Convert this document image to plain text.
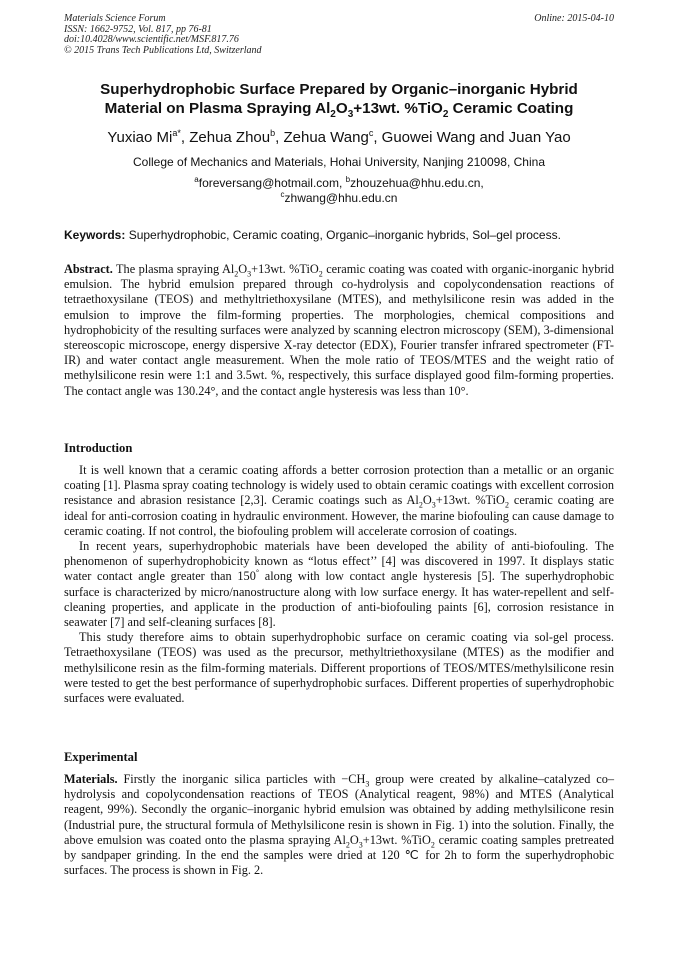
Materials Science Forum
ISSN: 1662-9752, Vol. 817, pp 76-81
doi:10.4028/www.scientific.net/MSF.817.76
© 2015 Trans Tech Publications Ltd, Switzerland
Online: 2015-04-10
Superhydrophobic Surface Prepared by Organic–inorganic Hybrid
Material on Plasma Spraying $Al_2O_3+13wt$. %TiO$_2$ Ceramic Coating
Yuxiao $Mi^{a*}$, Zehua Zhou$^b$, Zehua Wang$^c$, Guowei Wang and Juan Yao
College of Mechanics and Materials, Hohai University, Nanjing 210098, China
$^a$foreversang@hotmail.com, $^b$zhouzehua@hhu.edu.cn,
$^c$zhwang@hhu.edu.cn
Keywords: Superhydrophobic, Ceramic coating, Organic–inorganic hybrids, Sol–gel process.
Abstract. The plasma spraying $Al_2O_3+13wt$. %TiO$_2$ ceramic coating was coated with organic-inorganic hybrid emulsion. The hybrid emulsion prepared through co-hydrolysis and copolycondensation reactions of tetraethoxysilane (TEOS) and methyltriethoxysilane (MTES), and methylsilicone resin was added in the emulsion to improve the film-forming properties. The morphologies, chemical compositions and hydrophobicity of the resulting surfaces were analyzed by scanning electron microscopy (SEM), 3-dimensional stereoscopic microscope, energy dispersive X-ray detector (EDX), Fourier transfer infrared spectrometer (FT-IR) and water contact angle measurement. When the mole ratio of TEOS/MTES and the weight ratio of methylsilicone resin were 1:1 and 3.5wt. %, respectively, this surface displayed good film-forming properties. The contact angle was 130.24°, and the contact angle hysteresis was less than 10°.
Introduction

It is well known that a ceramic coating affords a better corrosion protection than a metallic or an organic coating [1]. Plasma spray coating technology is widely used to obtain ceramic coatings with excellent corrosion resistance and abrasion resistance [2,3]. Ceramic coatings such as $Al_2O_3+13wt$. %TiO$_2$ ceramic coating are ideal for anti-corrosion coating in hydraulic environment. However, the marine biofouling can cause damage to ceramic coating. If not control, the biofouling problem will accelerate corrosion of coatings.

In recent years, superhydrophobic materials have been developed the ability of anti-biofouling. The phenomenon of superhydrophobicity known as “lotus effect’’ [4] was discovered in 1997. It displays static water contact angle greater than 150° along with low contact angle hysteresis [5]. The superhydrophobic surface is characterized by micro/nanostructure along with low surface energy. It has water-repellent and self-cleaning properties, and applicate in the production of anti-biofouling paints [6], corrosion resistance in seawater [7] and self-cleaning surfaces [8].

This study therefore aims to obtain superhydrophobic surface on ceramic coating via sol-gel process. Tetraethoxysilane (TEOS) was used as the precursor, methyltriethoxysilane (MTES) as the modifier and methylsilicone resin as the film-forming materials. Different proportions of TEOS/MTES/methylsilicone resin were tested to get the best performance of superhydrophobic surfaces. Different properties of superhydrophobic surfaces were evaluated.

Experimental
Materials. Firstly the inorganic silica particles with $-CH_3$ group were created by alkaline–catalyzed co–hydrolysis and copolycondensation reactions of TEOS (Analytical reagent, 98%) and MTES (Analytical reagent, 99%). Secondly the organic–inorganic hybrid emulsion was obtained by adding methylsilicone resin (Industrial pure, the structural formula of Methylsilicone resin is shown in Fig. 1) into the solution. Finally, the above emulsion was coated onto the plasma spraying $Al_2O_3+13wt$. %TiO$_2$ ceramic coating samples pretreated by sandpaper grinding. In the end the samples were dried at 120 ℃ for 2h to form the superhydrophobic surfaces. The process is shown in Fig. 2.
